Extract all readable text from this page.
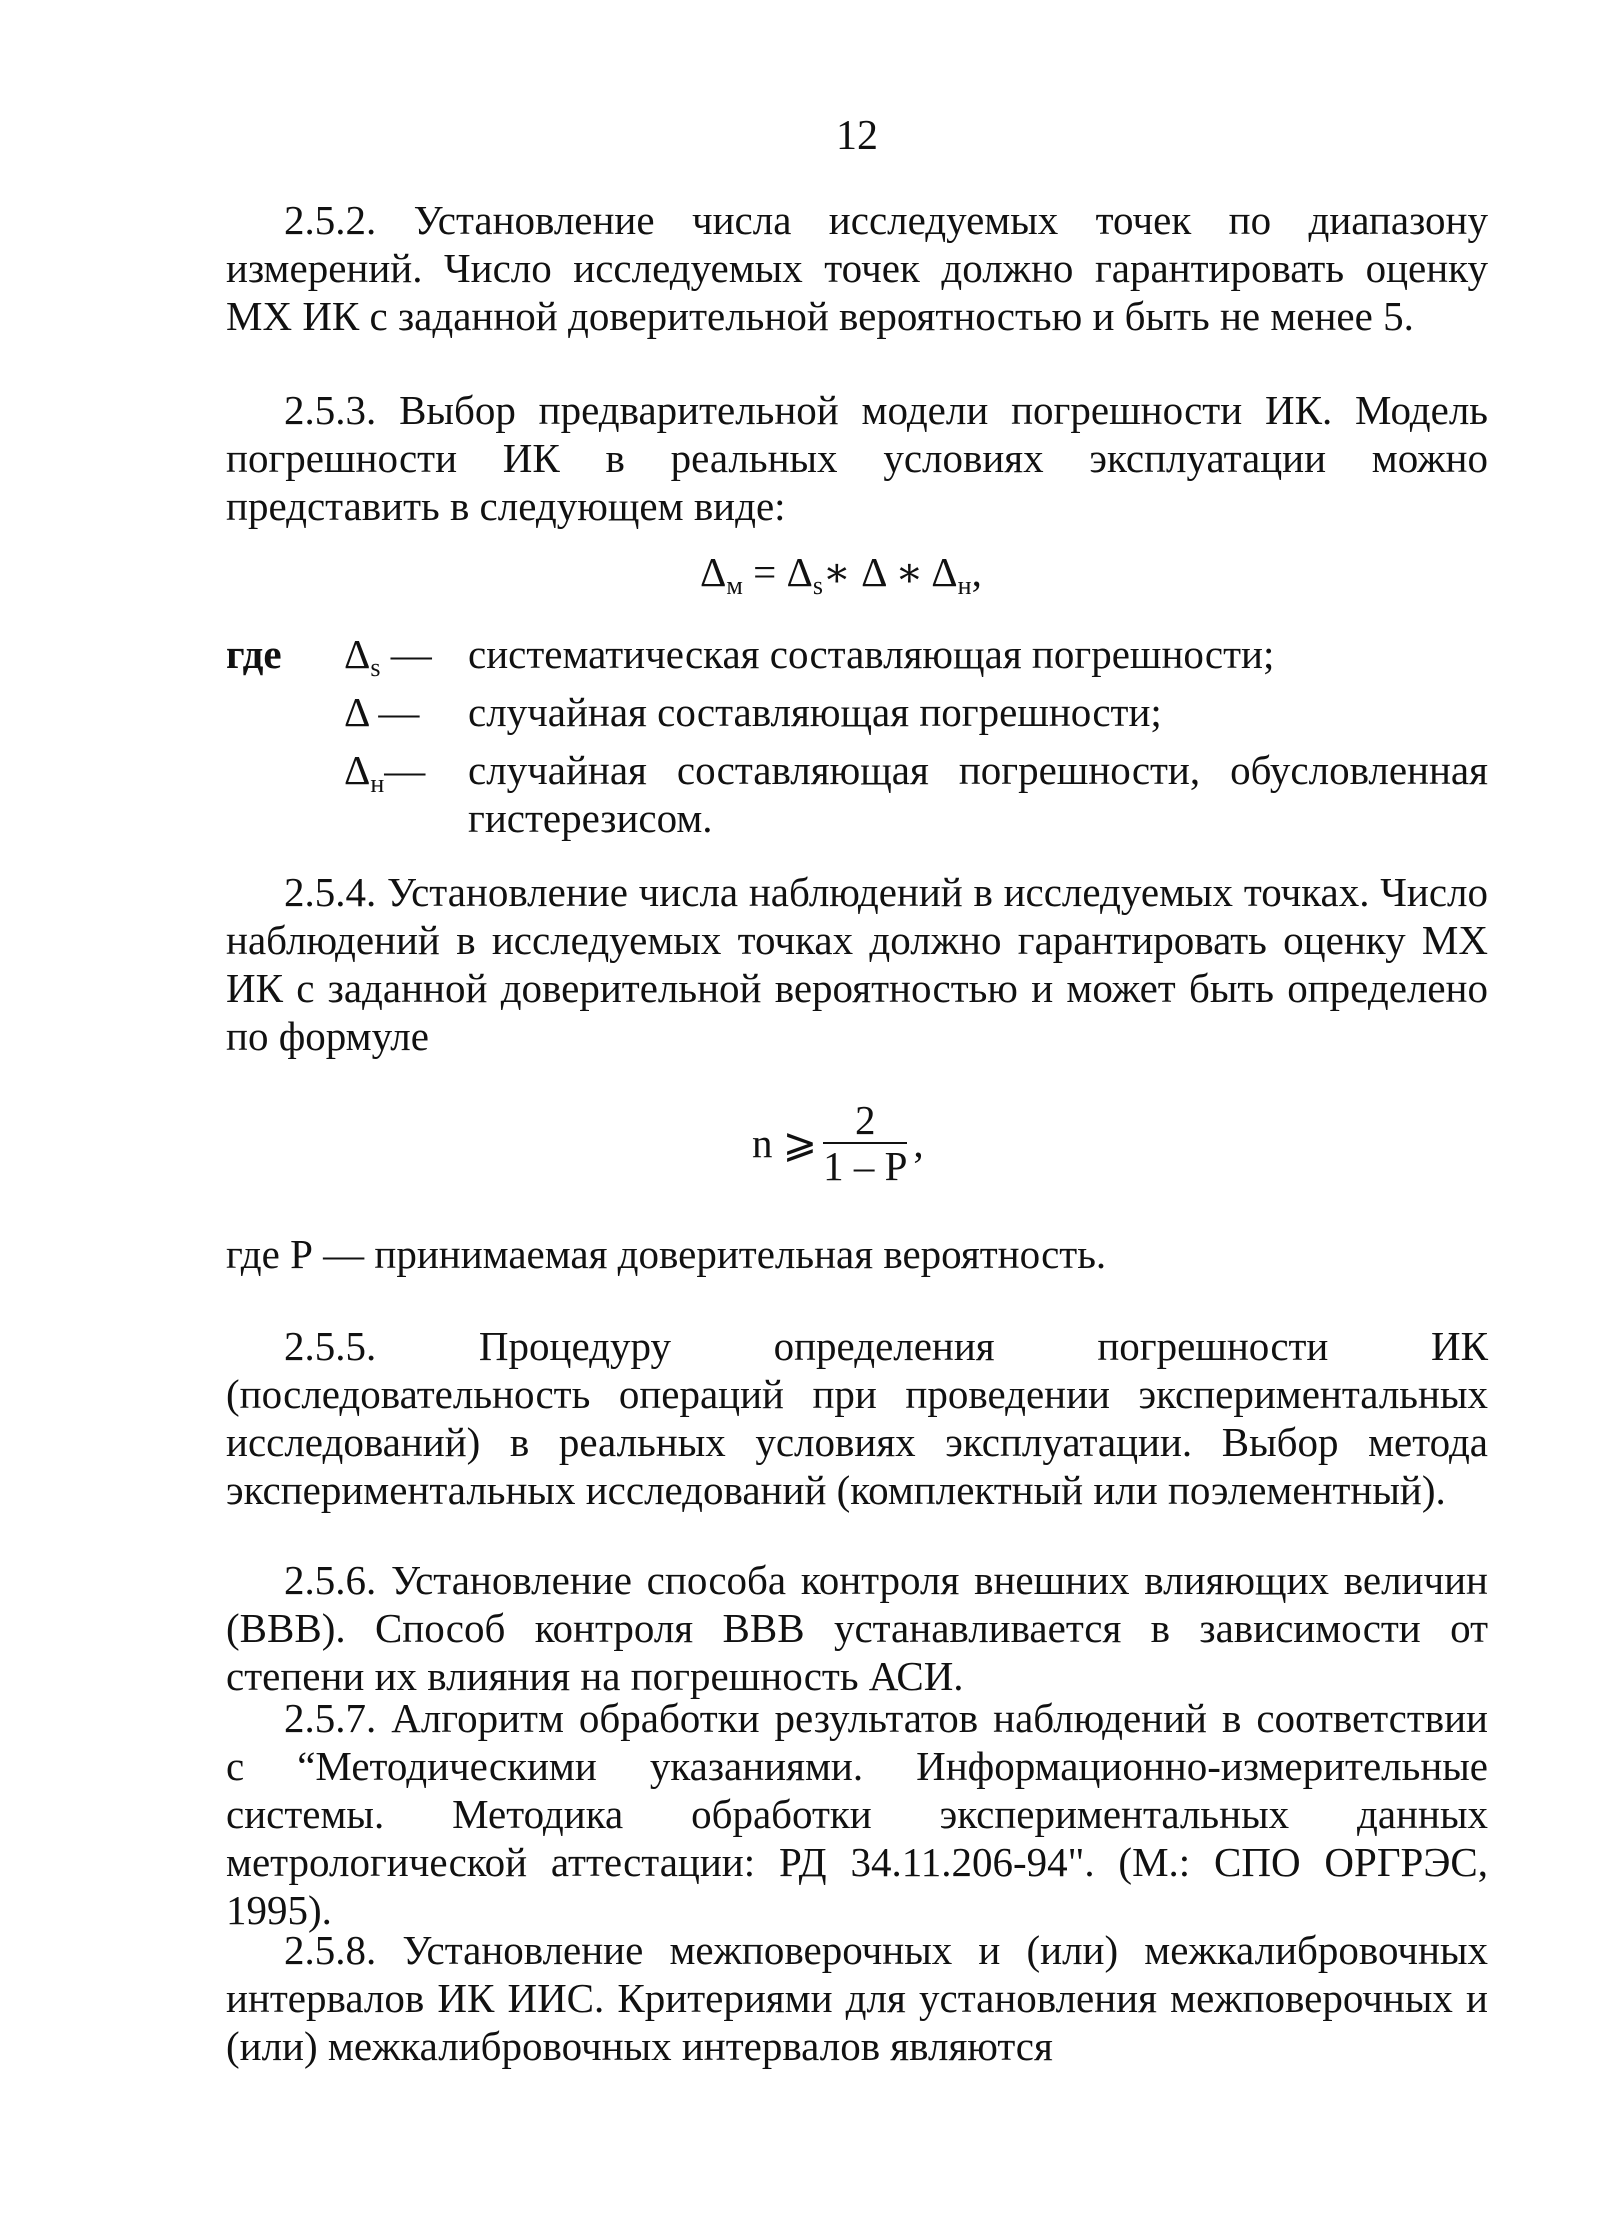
12

2.5.2. Установление числа исследуемых точек по диапазону измерений. Число исследуемых точек должно гарантировать оценку МХ ИК с заданной доверительной вероятностью и быть не менее 5.

2.5.3. Выбор предварительной модели погрешности ИК. Модель погрешности ИК в реальных условиях эксплуатации можно представить в следующем виде:

$\Delta_м$ = $\Delta_s∗$ Δ ∗ $\Delta_н$,
где $\Delta_s$ — систематическая составляющая погрешности;
Δ — случайная составляющая погрешности;
$\Delta_н—$ случайная составляющая погрешности, обусловленная гистерезисом.

2.5.4. Установление числа наблюдений в исследуемых точках. Число наблюдений в исследуемых точках должно гарантировать оценку МХ ИК с заданной доверительной вероятностью и может быть определено по формуле

n ⩾ $\frac{2}{1 - P}$ ,
где Р — принимаемая доверительная вероятность.

2.5.5. Процедуру определения погрешности ИК (последовательность операций при проведении экспериментальных исследований) в реальных условиях эксплуатации. Выбор метода экспериментальных исследований (комплектный или поэлементный).

2.5.6. Установление способа контроля внешних влияющих величин (ВВВ). Способ контроля ВВВ устанавливается в зависимости от степени их влияния на погрешность АСИ.

2.5.7. Алгоритм обработки результатов наблюдений в соответствии с “Методическими указаниями. Информационно-измерительные системы. Методика обработки экспериментальных данных метрологической аттестации: РД 34.11.206-94". (М.: СПО ОРГРЭС, 1995).

2.5.8. Установление межповерочных и (или) межкалибровочных интервалов ИК ИИС. Критериями для установления межповерочных и (или) межкалибровочных интервалов являются
